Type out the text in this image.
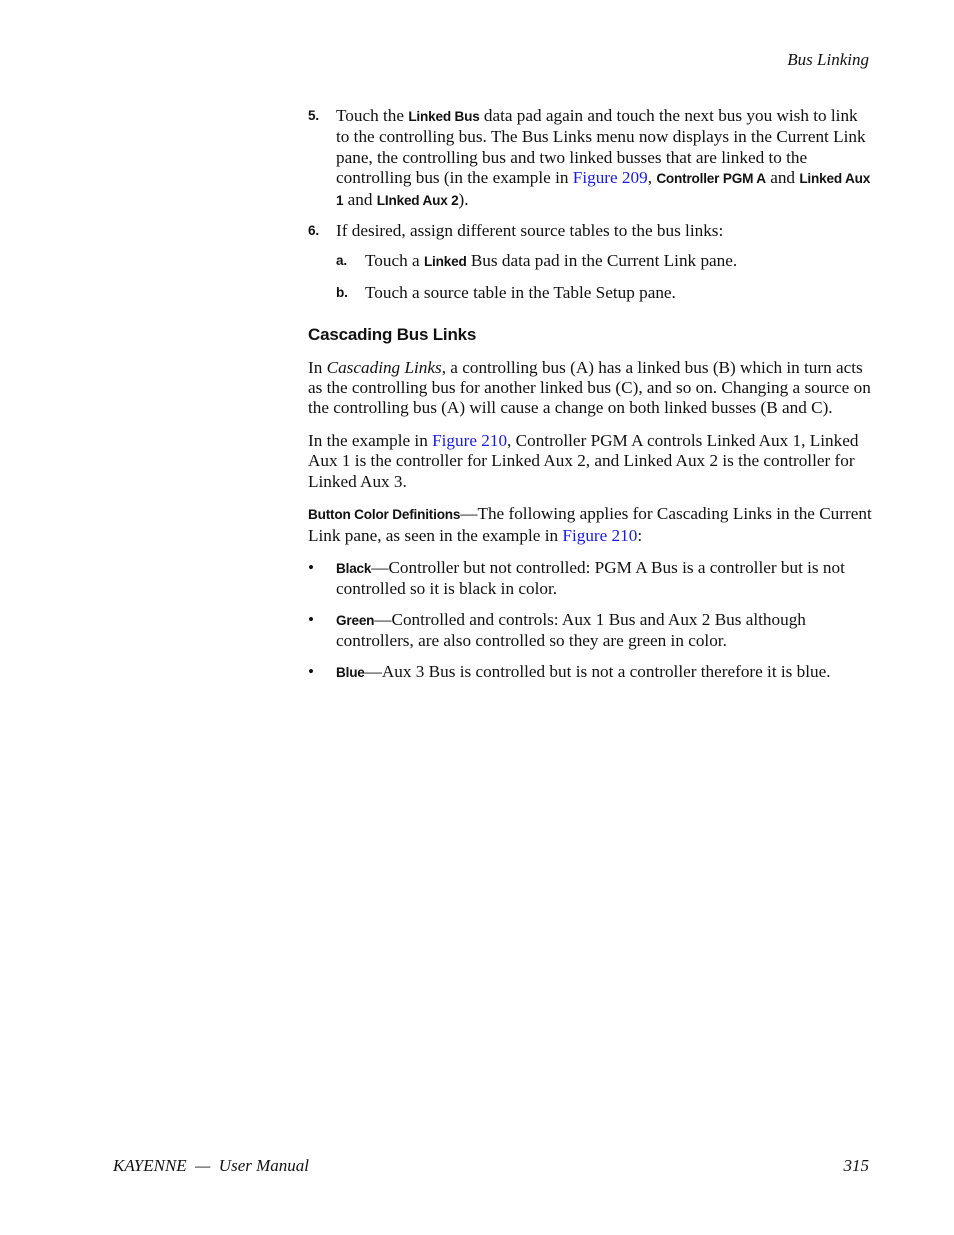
Bus Linking
5. Touch the Linked Bus data pad again and touch the next bus you wish to link to the controlling bus. The Bus Links menu now displays in the Current Link pane, the controlling bus and two linked busses that are linked to the controlling bus (in the example in Figure 209, Controller PGM A and Linked Aux 1 and LInked Aux 2).
6. If desired, assign different source tables to the bus links:
a.	Touch a Linked Bus data pad in the Current Link pane.
b.	Touch a source table in the Table Setup pane.
Cascading Bus Links

In Cascading Links, a controlling bus (A) has a linked bus (B) which in turn acts as the controlling bus for another linked bus (C), and so on. Changing a source on the controlling bus (A) will cause a change on both linked busses (B and C).

In the example in Figure 210, Controller PGM A controls Linked Aux 1, Linked Aux 1 is the controller for Linked Aux 2, and Linked Aux 2 is the controller for Linked Aux 3.

Button Color Definitions—The following applies for Cascading Links in the Current Link pane, as seen in the example in Figure 210:

•	Black—Controller but not controlled: PGM A Bus is a controller but is not controlled so it is black in color.
•	Green—Controlled and controls: Aux 1 Bus and Aux 2 Bus although controllers, are also controlled so they are green in color.
•	Blue—Aux 3 Bus is controlled but is not a controller therefore it is blue.
KAYENNE  —  User Manual	315
